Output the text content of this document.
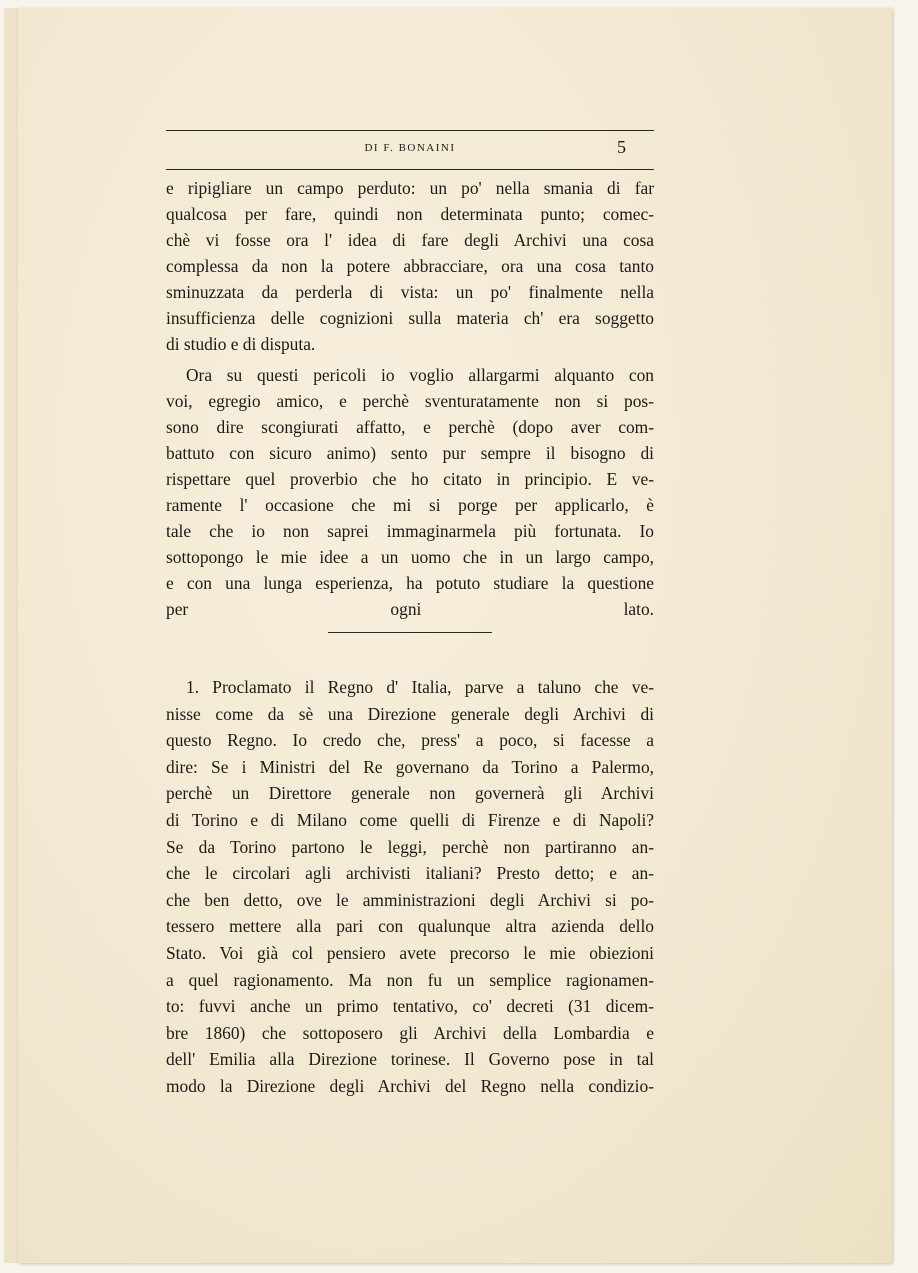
DI F. BONAINI	5
e ripigliare un campo perduto: un po' nella smania di far
qualcosa per fare, quindi non determinata punto; comec-
chè vi fosse ora l' idea di fare degli Archivi una cosa
complessa da non la potere abbracciare, ora una cosa tanto
sminuzzata da perderla di vista: un po' finalmente nella
insufficienza delle cognizioni sulla materia ch' era soggetto
di studio e di disputa.
Ora su questi pericoli io voglio allargarmi alquanto con
voi, egregio amico, e perchè sventuratamente non si pos-
sono dire scongiurati affatto, e perchè (dopo aver com-
battuto con sicuro animo) sento pur sempre il bisogno di
rispettare quel proverbio che ho citato in principio. E ve-
ramente l' occasione che mi si porge per applicarlo, è
tale che io non saprei immaginarmela più fortunata. Io
sottopongo le mie idee a un uomo che in un largo campo,
e con una lunga esperienza, ha potuto studiare la questione
per ogni lato.
1. Proclamato il Regno d' Italia, parve a taluno che ve-
nisse come da sè una Direzione generale degli Archivi di
questo Regno. Io credo che, press' a poco, si facesse a
dire: Se i Ministri del Re governano da Torino a Palermo,
perchè un Direttore generale non governerà gli Archivi
di Torino e di Milano come quelli di Firenze e di Napoli?
Se da Torino partono le leggi, perchè non partiranno an-
che le circolari agli archivisti italiani? Presto detto; e an-
che ben detto, ove le amministrazioni degli Archivi si po-
tessero mettere alla pari con qualunque altra azienda dello
Stato. Voi già col pensiero avete precorso le mie obiezioni
a quel ragionamento. Ma non fu un semplice ragionamen-
to: fuvvi anche un primo tentativo, co' decreti (31 dicem-
bre 1860) che sottoposero gli Archivi della Lombardia e
dell' Emilia alla Direzione torinese. Il Governo pose in tal
modo la Direzione degli Archivi del Regno nella condizio-
